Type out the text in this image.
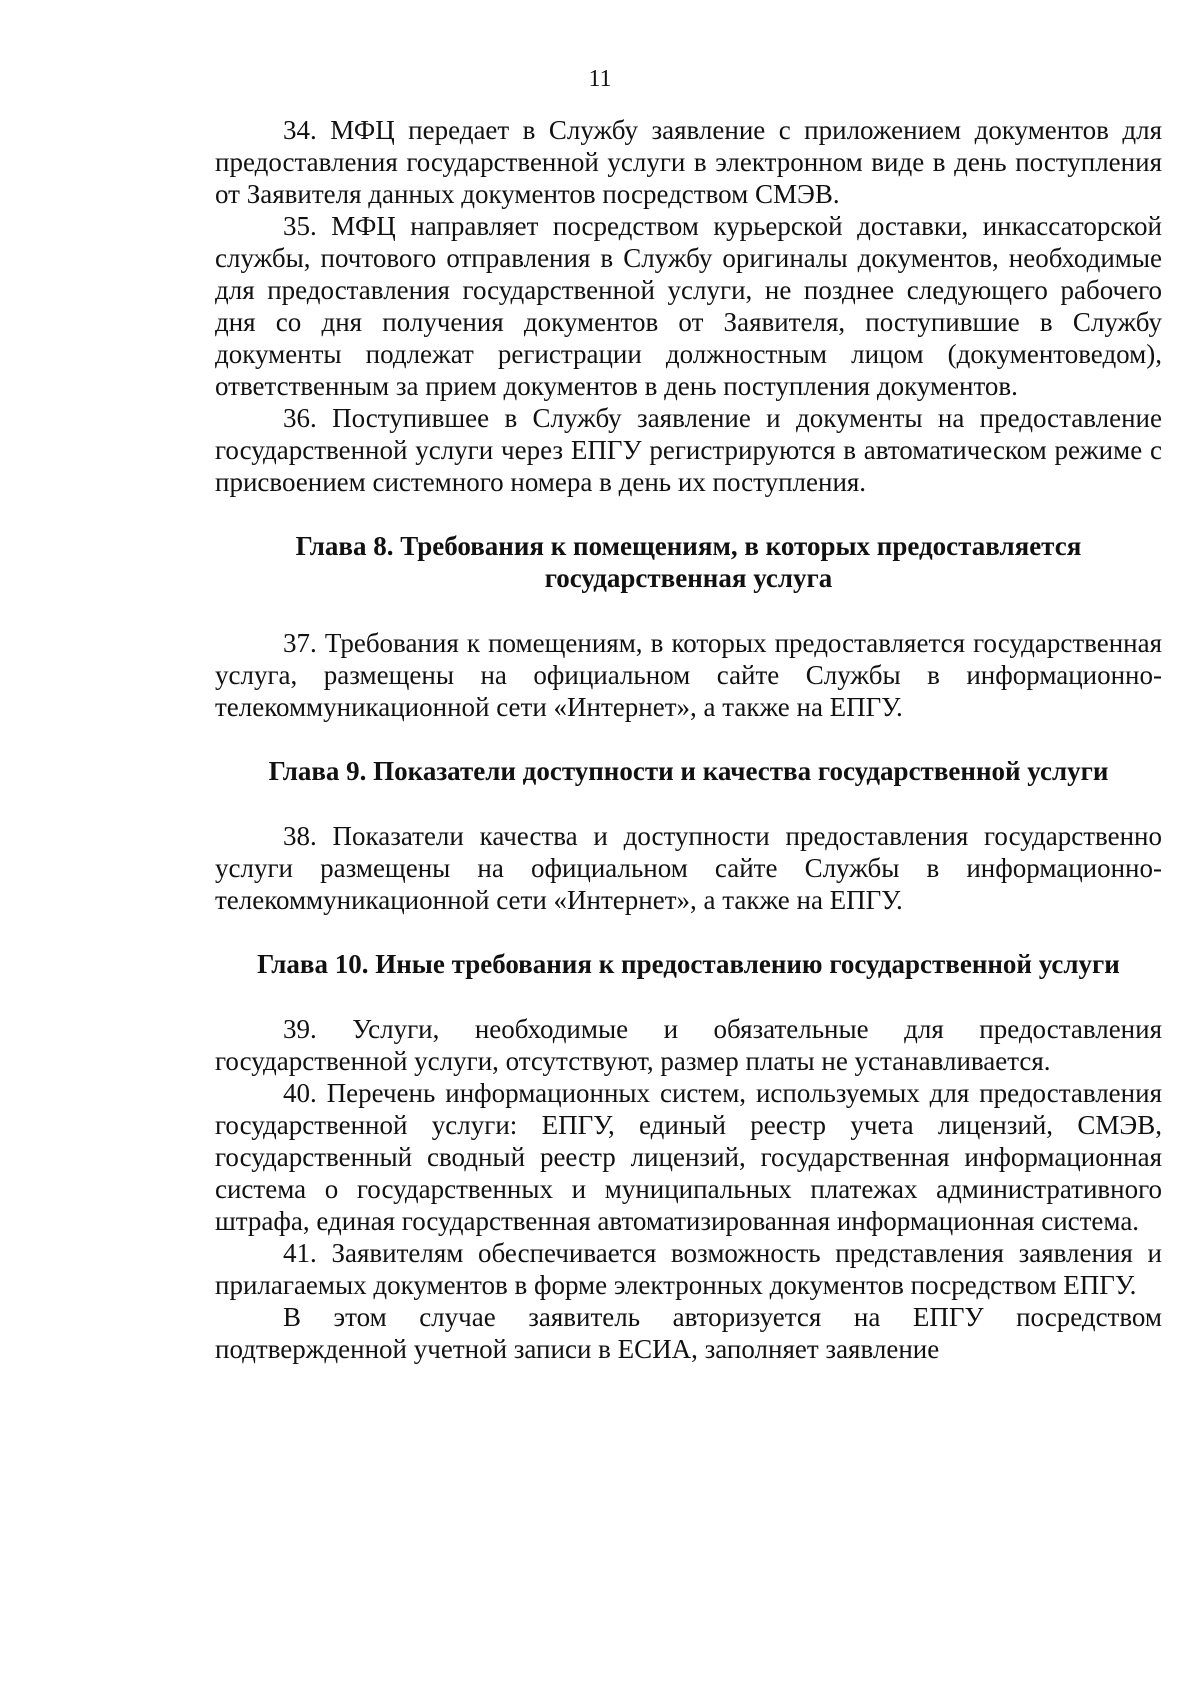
11

34. МФЦ передает в Службу заявление с приложением документов для предоставления государственной услуги в электронном виде в день поступления от Заявителя данных документов посредством СМЭВ.

35. МФЦ направляет посредством курьерской доставки, инкассаторской службы, почтового отправления в Службу оригиналы документов, необходимые для предоставления государственной услуги, не позднее следующего рабочего дня со дня получения документов от Заявителя, поступившие в Службу документы подлежат регистрации должностным лицом (документоведом), ответственным за прием документов в день поступления документов.

36. Поступившее в Службу заявление и документы на предоставление государственной услуги через ЕПГУ регистрируются в автоматическом режиме с присвоением системного номера в день их поступления.

Глава 8. Требования к помещениям, в которых предоставляется государственная услуга

37. Требования к помещениям, в которых предоставляется государственная услуга, размещены на официальном сайте Службы в информационно-телекоммуникационной сети «Интернет», а также на ЕПГУ.

Глава 9. Показатели доступности и качества государственной услуги

38. Показатели качества и доступности предоставления государственно услуги размещены на официальном сайте Службы в информационно-телекоммуникационной сети «Интернет», а также на ЕПГУ.

Глава 10. Иные требования к предоставлению государственной услуги

39. Услуги, необходимые и обязательные для предоставления государственной услуги, отсутствуют, размер платы не устанавливается.

40. Перечень информационных систем, используемых для предоставления государственной услуги: ЕПГУ, единый реестр учета лицензий, СМЭВ, государственный сводный реестр лицензий, государственная информационная система о государственных и муниципальных платежах административного штрафа, единая государственная автоматизированная информационная система.

41. Заявителям обеспечивается возможность представления заявления и прилагаемых документов в форме электронных документов посредством ЕПГУ.

В этом случае заявитель авторизуется на ЕПГУ посредством подтвержденной учетной записи в ЕСИА, заполняет заявление
